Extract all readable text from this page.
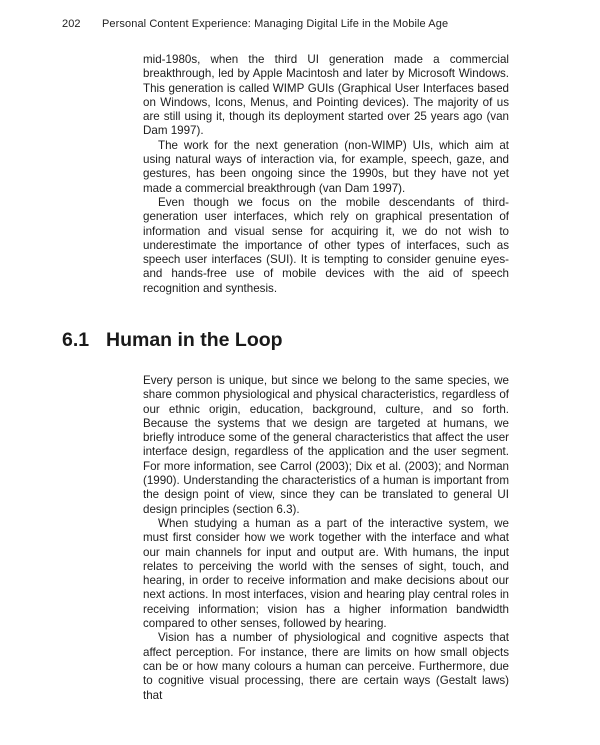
202 Personal Content Experience: Managing Digital Life in the Mobile Age

mid-1980s, when the third UI generation made a commercial breakthrough, led by Apple Macintosh and later by Microsoft Windows. This generation is called WIMP GUIs (Graphical User Interfaces based on Windows, Icons, Menus, and Pointing devices). The majority of us are still using it, though its deployment started over 25 years ago (van Dam 1997).

The work for the next generation (non-WIMP) UIs, which aim at using natural ways of interaction via, for example, speech, gaze, and gestures, has been ongoing since the 1990s, but they have not yet made a commercial breakthrough (van Dam 1997).

Even though we focus on the mobile descendants of third-generation user interfaces, which rely on graphical presentation of information and visual sense for acquiring it, we do not wish to underestimate the importance of other types of interfaces, such as speech user interfaces (SUI). It is tempting to consider genuine eyes- and hands-free use of mobile devices with the aid of speech recognition and synthesis.

6.1 Human in the Loop

Every person is unique, but since we belong to the same species, we share common physiological and physical characteristics, regardless of our ethnic origin, education, background, culture, and so forth. Because the systems that we design are targeted at humans, we briefly introduce some of the general characteristics that affect the user interface design, regardless of the application and the user segment. For more information, see Carrol (2003); Dix et al. (2003); and Norman (1990). Understanding the characteristics of a human is important from the design point of view, since they can be translated to general UI design principles (section 6.3).

When studying a human as a part of the interactive system, we must first consider how we work together with the interface and what our main channels for input and output are. With humans, the input relates to perceiving the world with the senses of sight, touch, and hearing, in order to receive information and make decisions about our next actions. In most interfaces, vision and hearing play central roles in receiving information; vision has a higher information bandwidth compared to other senses, followed by hearing.

Vision has a number of physiological and cognitive aspects that affect perception. For instance, there are limits on how small objects can be or how many colours a human can perceive. Furthermore, due to cognitive visual processing, there are certain ways (Gestalt laws) that
